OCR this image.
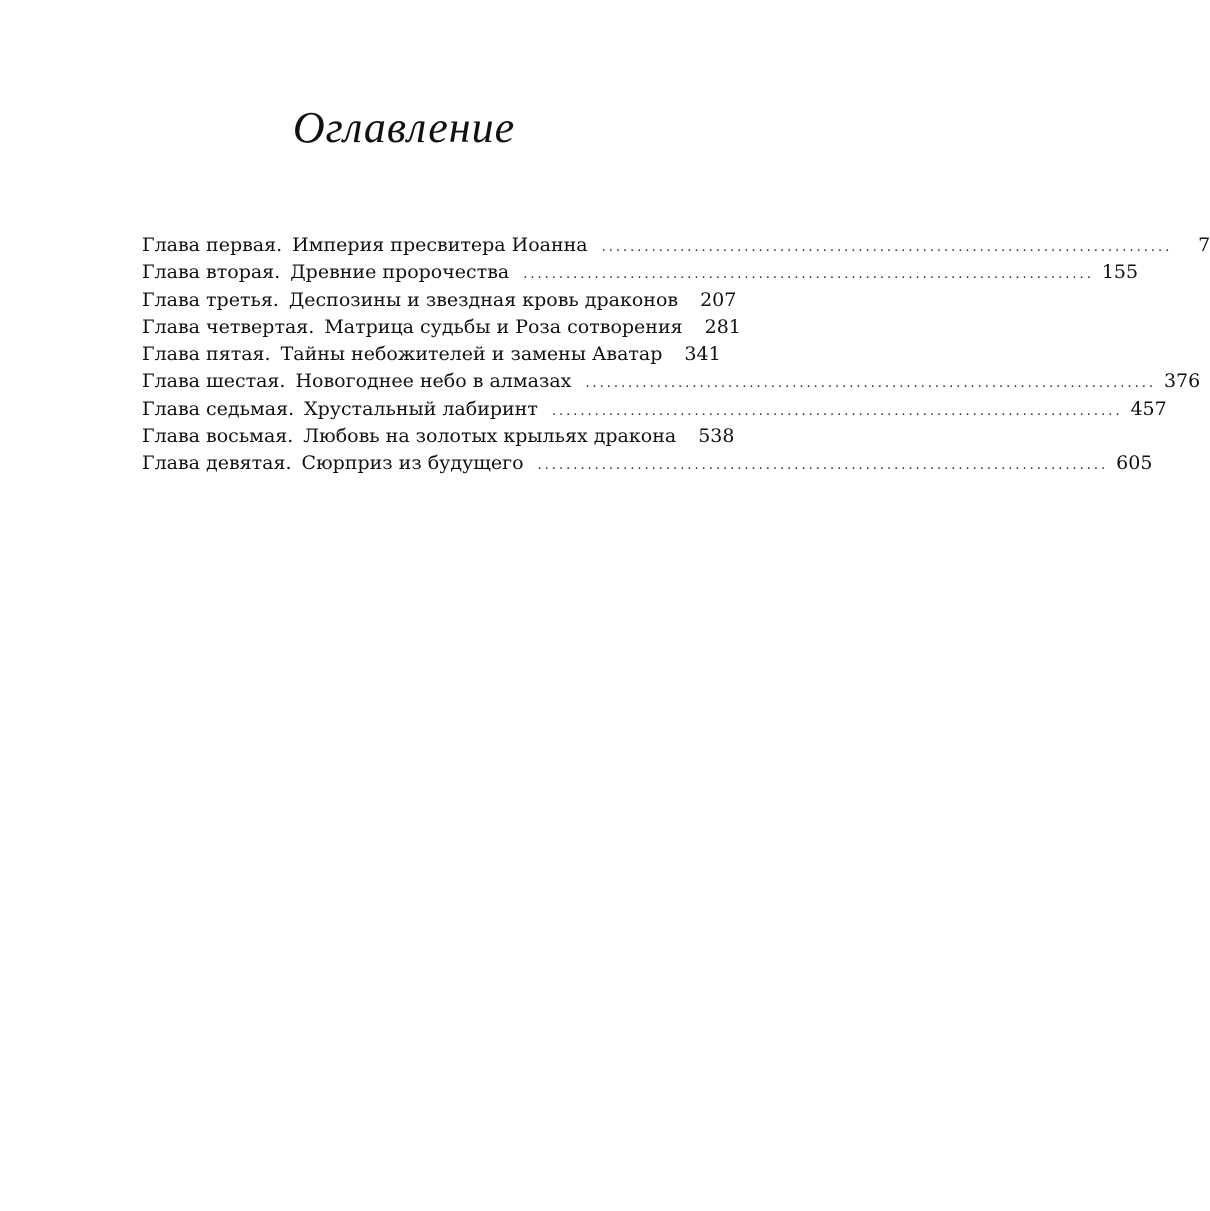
Оглавление
Глава первая. Империя пресвитера Иоанна ................................................................................	7
Глава вторая. Древние пророчества ................................................................................ 155
Глава третья. Деспозины и звездная кровь драконов 207
Глава четвертая. Матрица судьбы и Роза сотворения 281
Глава пятая. Тайны небожителей и замены Аватар 341
Глава шестая. Новогоднее небо в алмазах ................................................................................ 376
Глава седьмая. Хрустальный лабиринт ................................................................................ 457
Глава восьмая. Любовь на золотых крыльях дракона 538
Глава девятая. Сюрприз из будущего ................................................................................ 605
